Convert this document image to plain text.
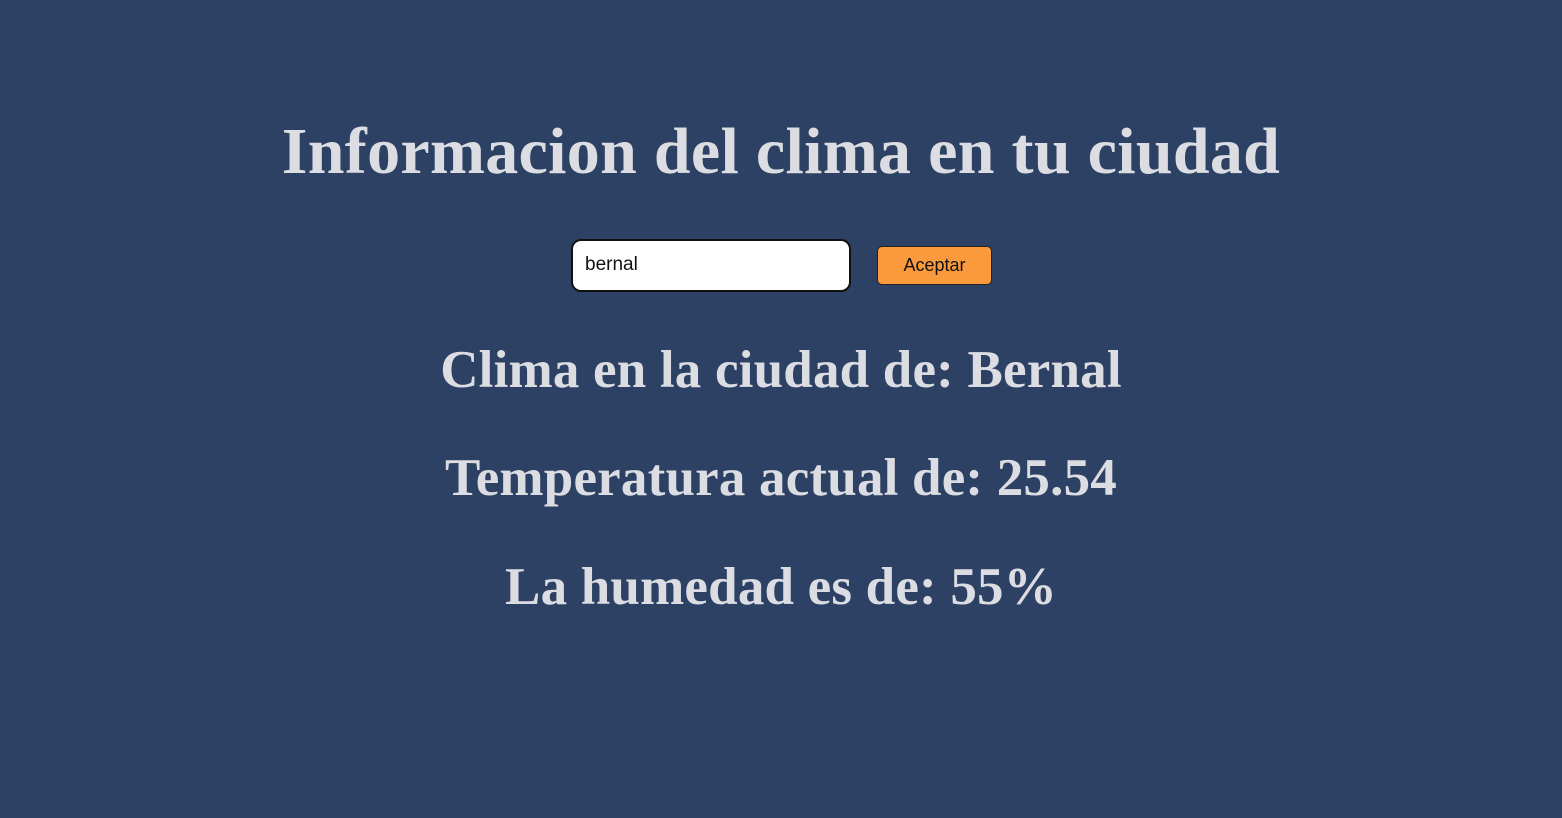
Informacion del clima en tu ciudad
bernal
Aceptar
Clima en la ciudad de: Bernal
Temperatura actual de: 25.54
La humedad es de: 55%
